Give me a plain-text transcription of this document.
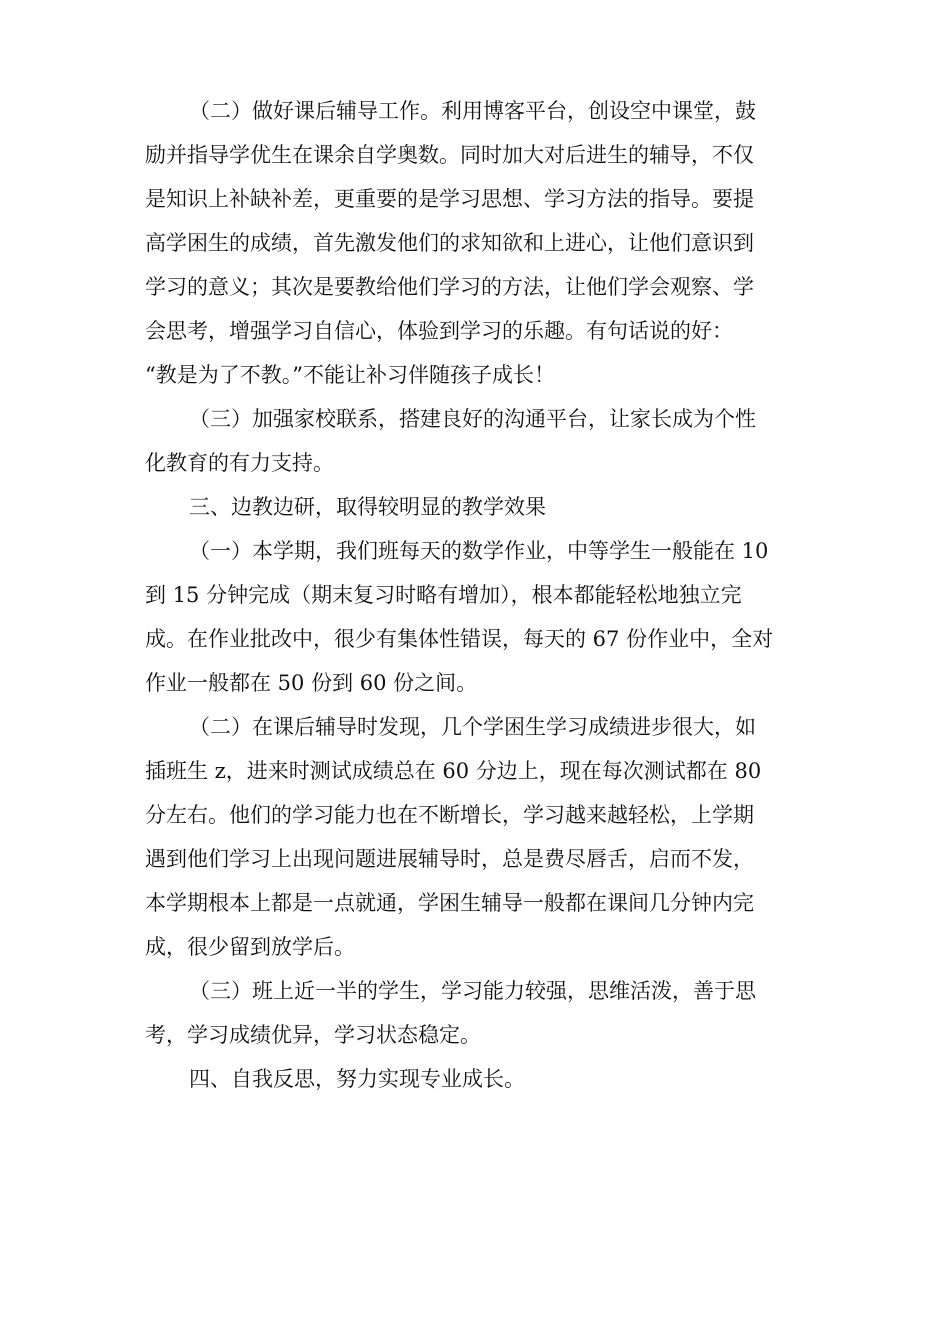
（二）做好课后辅导工作。利用博客平台，创设空中课堂，鼓
励并指导学优生在课余自学奥数。同时加大对后进生的辅导，不仅
是知识上补缺补差，更重要的是学习思想、学习方法的指导。要提
高学困生的成绩，首先激发他们的求知欲和上进心，让他们意识到
学习的意义；其次是要教给他们学习的方法，让他们学会观察、学
会思考，增强学习自信心，体验到学习的乐趣。有句话说的好：
“教是为了不教。”不能让补习伴随孩子成长！
（三）加强家校联系，搭建良好的沟通平台，让家长成为个性
化教育的有力支持。
三、边教边研，取得较明显的教学效果
（一）本学期，我们班每天的数学作业，中等学生一般能在 10
到 15 分钟完成（期末复习时略有增加），根本都能轻松地独立完
成。在作业批改中，很少有集体性错误，每天的 67 份作业中，全对
作业一般都在 50 份到 60 份之间。
（二）在课后辅导时发现，几个学困生学习成绩进步很大，如
插班生 z，进来时测试成绩总在 60 分边上，现在每次测试都在 80
分左右。他们的学习能力也在不断增长，学习越来越轻松，上学期
遇到他们学习上出现问题进展辅导时，总是费尽唇舌，启而不发，
本学期根本上都是一点就通，学困生辅导一般都在课间几分钟内完
成，很少留到放学后。
（三）班上近一半的学生，学习能力较强，思维活泼，善于思
考，学习成绩优异，学习状态稳定。
四、自我反思，努力实现专业成长。
